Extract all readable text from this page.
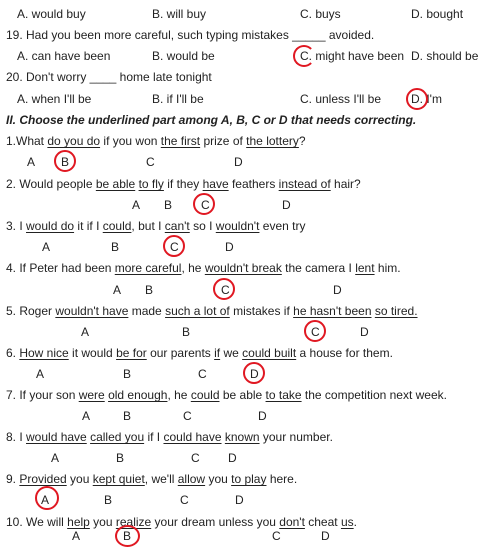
A. would buy	B. will buy	C. buys	D. bought
19. Had you been more careful, such typing mistakes _____ avoided.
A. can have been	B. would be	C. might have been D. should be
20. Don't worry ____ home late tonight
A. when I'll be	B. if I'll be	C. unless I'll be	D. I'm
II. Choose the underlined part among A, B, C or D that needs correcting.
1.What do you do if you won the first prize of the lottery?
A B	C	D
2. Would people be able to fly if they have feathers instead of hair?
A B C	D
3. I would do it if I could, but I can't so I wouldn't even try
A	B	C	D
4. If Peter had been more careful, he wouldn't break the camera I lent him.
A B	C	D
5. Roger wouldn't have made such a lot of mistakes if he hasn't been so tired.
A	B	C	D
6. How nice it would be for our parents if we could built a house for them.
A	B	C	D
7. If your son were old enough, he could be able to take the competition next week.
A	B	C	D
8. I would have called you if I could have known your number.
A	B	C D
9. Provided you kept quiet, we'll allow you to play here.
A	B	C	D
10. We will help you realize your dream unless you don't cheat us.
A	B	C	D
